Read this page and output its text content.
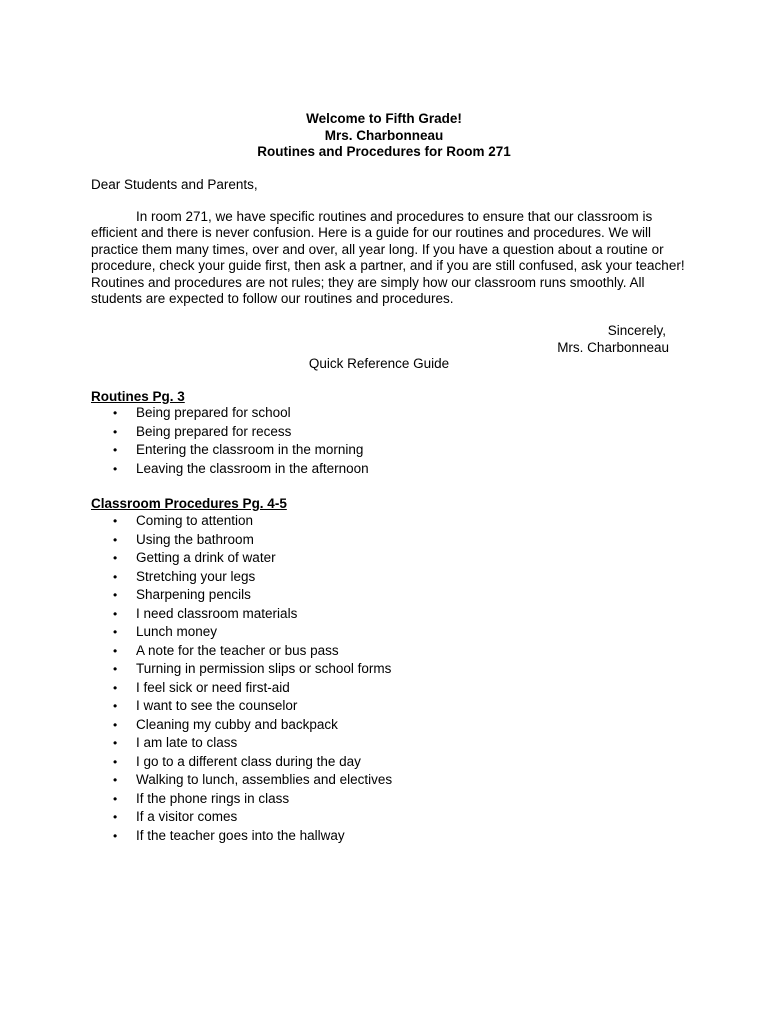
Welcome to Fifth Grade!
Mrs. Charbonneau
Routines and Procedures for Room 271
Dear Students and Parents,
In room 271, we have specific routines and procedures to ensure that our classroom is efficient and there is never confusion. Here is a guide for our routines and procedures. We will practice them many times, over and over, all year long. If you have a question about a routine or procedure, check your guide first, then ask a partner, and if you are still confused, ask your teacher! Routines and procedures are not rules; they are simply how our classroom runs smoothly. All students are expected to follow our routines and procedures.
Sincerely,
Mrs. Charbonneau
Quick Reference Guide
Routines Pg. 3
• Being prepared for school
• Being prepared for recess
• Entering the classroom in the morning
• Leaving the classroom in the afternoon
Classroom Procedures Pg. 4-5
• Coming to attention
• Using the bathroom
• Getting a drink of water
• Stretching your legs
• Sharpening pencils
• I need classroom materials
• Lunch money
• A note for the teacher or bus pass
• Turning in permission slips or school forms
• I feel sick or need first-aid
• I want to see the counselor
• Cleaning my cubby and backpack
• I am late to class
• I go to a different class during the day
• Walking to lunch, assemblies and electives
• If the phone rings in class
• If a visitor comes
• If the teacher goes into the hallway
